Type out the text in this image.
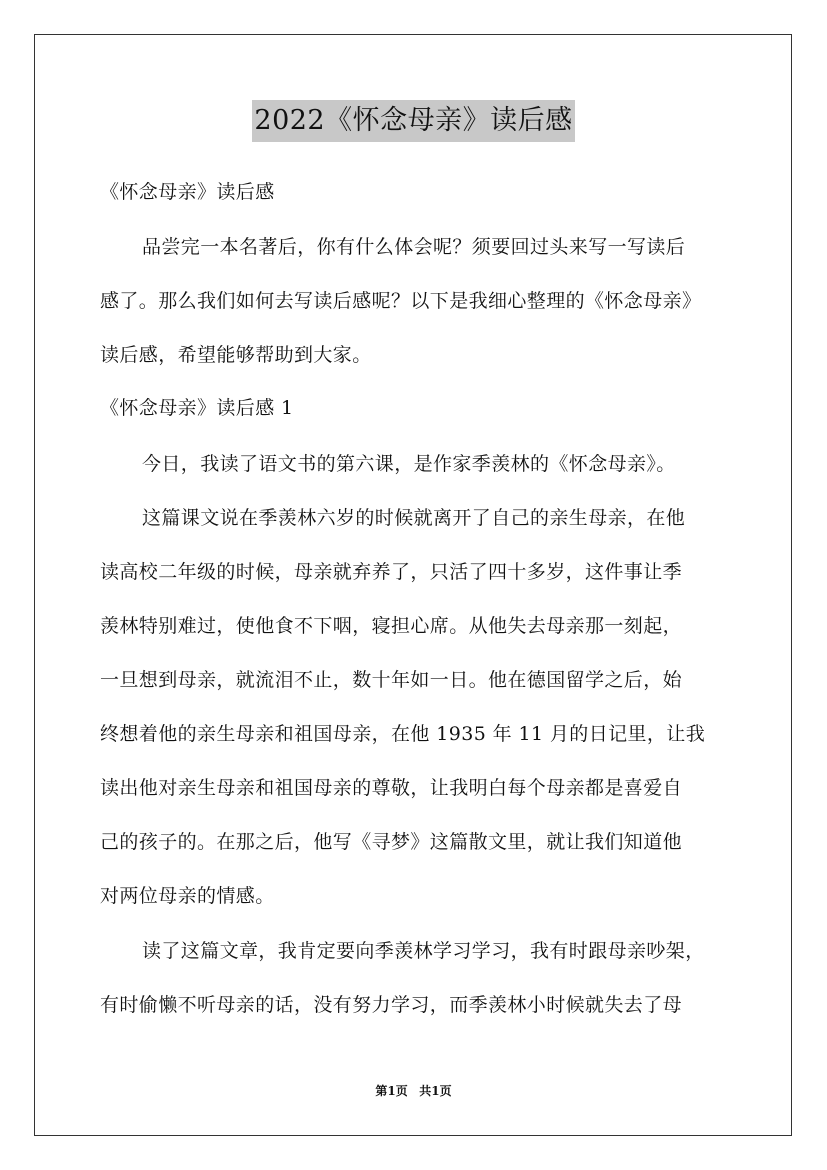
2022《怀念母亲》读后感
《怀念母亲》读后感
品尝完一本名著后，你有什么体会呢？须要回过头来写一写读后
感了。那么我们如何去写读后感呢？以下是我细心整理的《怀念母亲》
读后感，希望能够帮助到大家。
《怀念母亲》读后感 1
今日，我读了语文书的第六课，是作家季羡林的《怀念母亲》。
这篇课文说在季羡林六岁的时候就离开了自己的亲生母亲，在他
读高校二年级的时候，母亲就弃养了，只活了四十多岁，这件事让季
羡林特别难过，使他食不下咽，寝担心席。从他失去母亲那一刻起，
一旦想到母亲，就流泪不止，数十年如一日。他在德国留学之后，始
终想着他的亲生母亲和祖国母亲，在他 1935 年 11 月的日记里，让我
读出他对亲生母亲和祖国母亲的尊敬，让我明白每个母亲都是喜爱自
己的孩子的。在那之后，他写《寻梦》这篇散文里，就让我们知道他
对两位母亲的情感。
读了这篇文章，我肯定要向季羡林学习学习，我有时跟母亲吵架，
有时偷懒不听母亲的话，没有努力学习，而季羡林小时候就失去了母
第1页 共1页
